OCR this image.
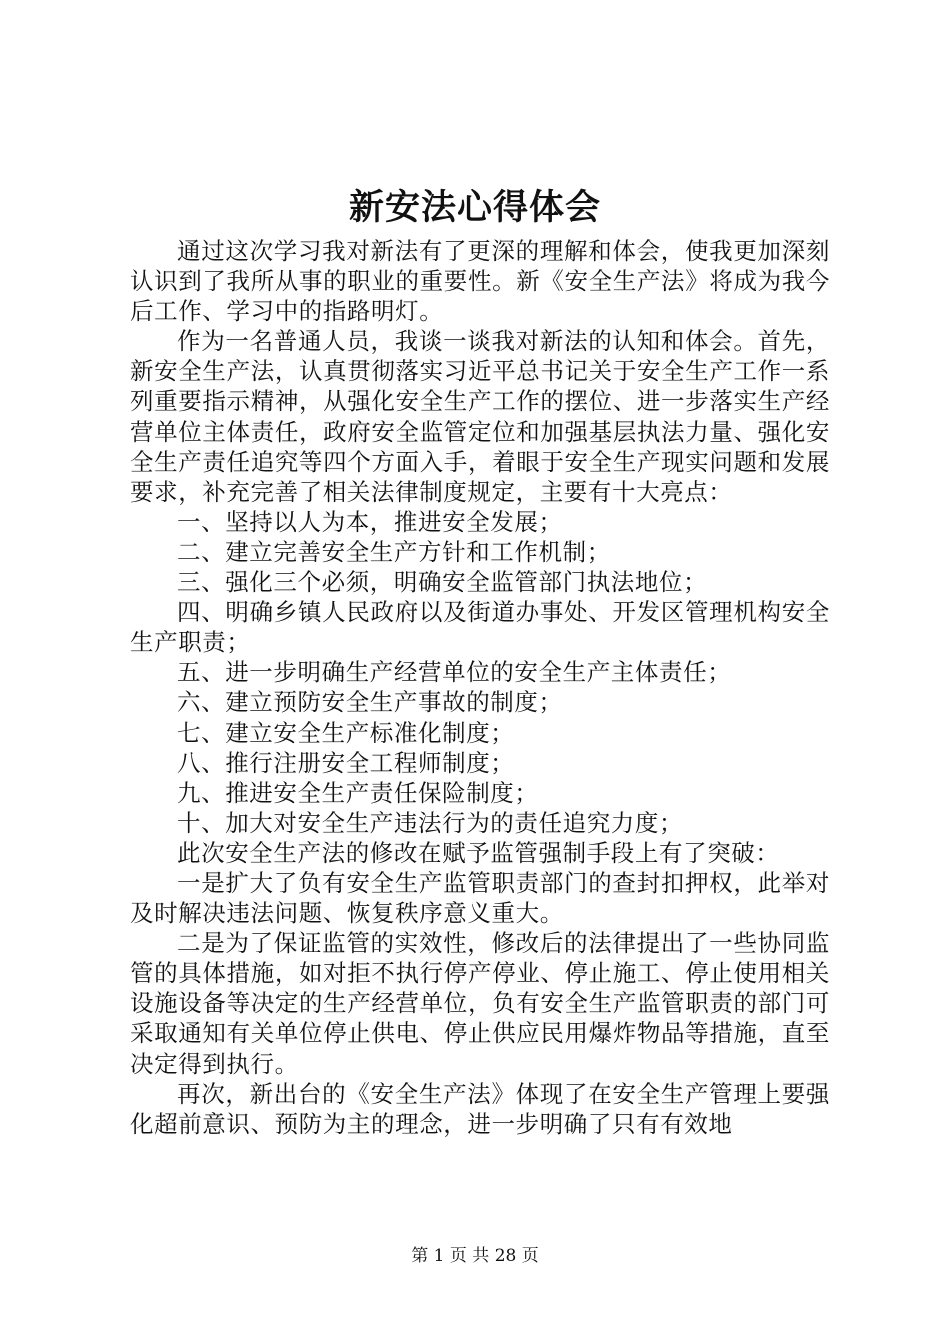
新安法心得体会

通过这次学习我对新法有了更深的理解和体会，使我更加深刻认识到了我所从事的职业的重要性。新《安全生产法》将成为我今后工作、学习中的指路明灯。

作为一名普通人员，我谈一谈我对新法的认知和体会。首先，新安全生产法，认真贯彻落实习近平总书记关于安全生产工作一系列重要指示精神，从强化安全生产工作的摆位、进一步落实生产经营单位主体责任，政府安全监管定位和加强基层执法力量、强化安全生产责任追究等四个方面入手，着眼于安全生产现实问题和发展要求，补充完善了相关法律制度规定，主要有十大亮点：

一、坚持以人为本，推进安全发展；

二、建立完善安全生产方针和工作机制；

三、强化三个必须，明确安全监管部门执法地位；

四、明确乡镇人民政府以及街道办事处、开发区管理机构安全生产职责；

五、进一步明确生产经营单位的安全生产主体责任；

六、建立预防安全生产事故的制度；

七、建立安全生产标准化制度；

八、推行注册安全工程师制度；

九、推进安全生产责任保险制度；

十、加大对安全生产违法行为的责任追究力度；

此次安全生产法的修改在赋予监管强制手段上有了突破：

一是扩大了负有安全生产监管职责部门的查封扣押权，此举对及时解决违法问题、恢复秩序意义重大。

二是为了保证监管的实效性，修改后的法律提出了一些协同监管的具体措施，如对拒不执行停产停业、停止施工、停止使用相关设施设备等决定的生产经营单位，负有安全生产监管职责的部门可采取通知有关单位停止供电、停止供应民用爆炸物品等措施，直至决定得到执行。

再次，新出台的《安全生产法》体现了在安全生产管理上要强化超前意识、预防为主的理念，进一步明确了只有有效地

第 1 页 共 28 页
